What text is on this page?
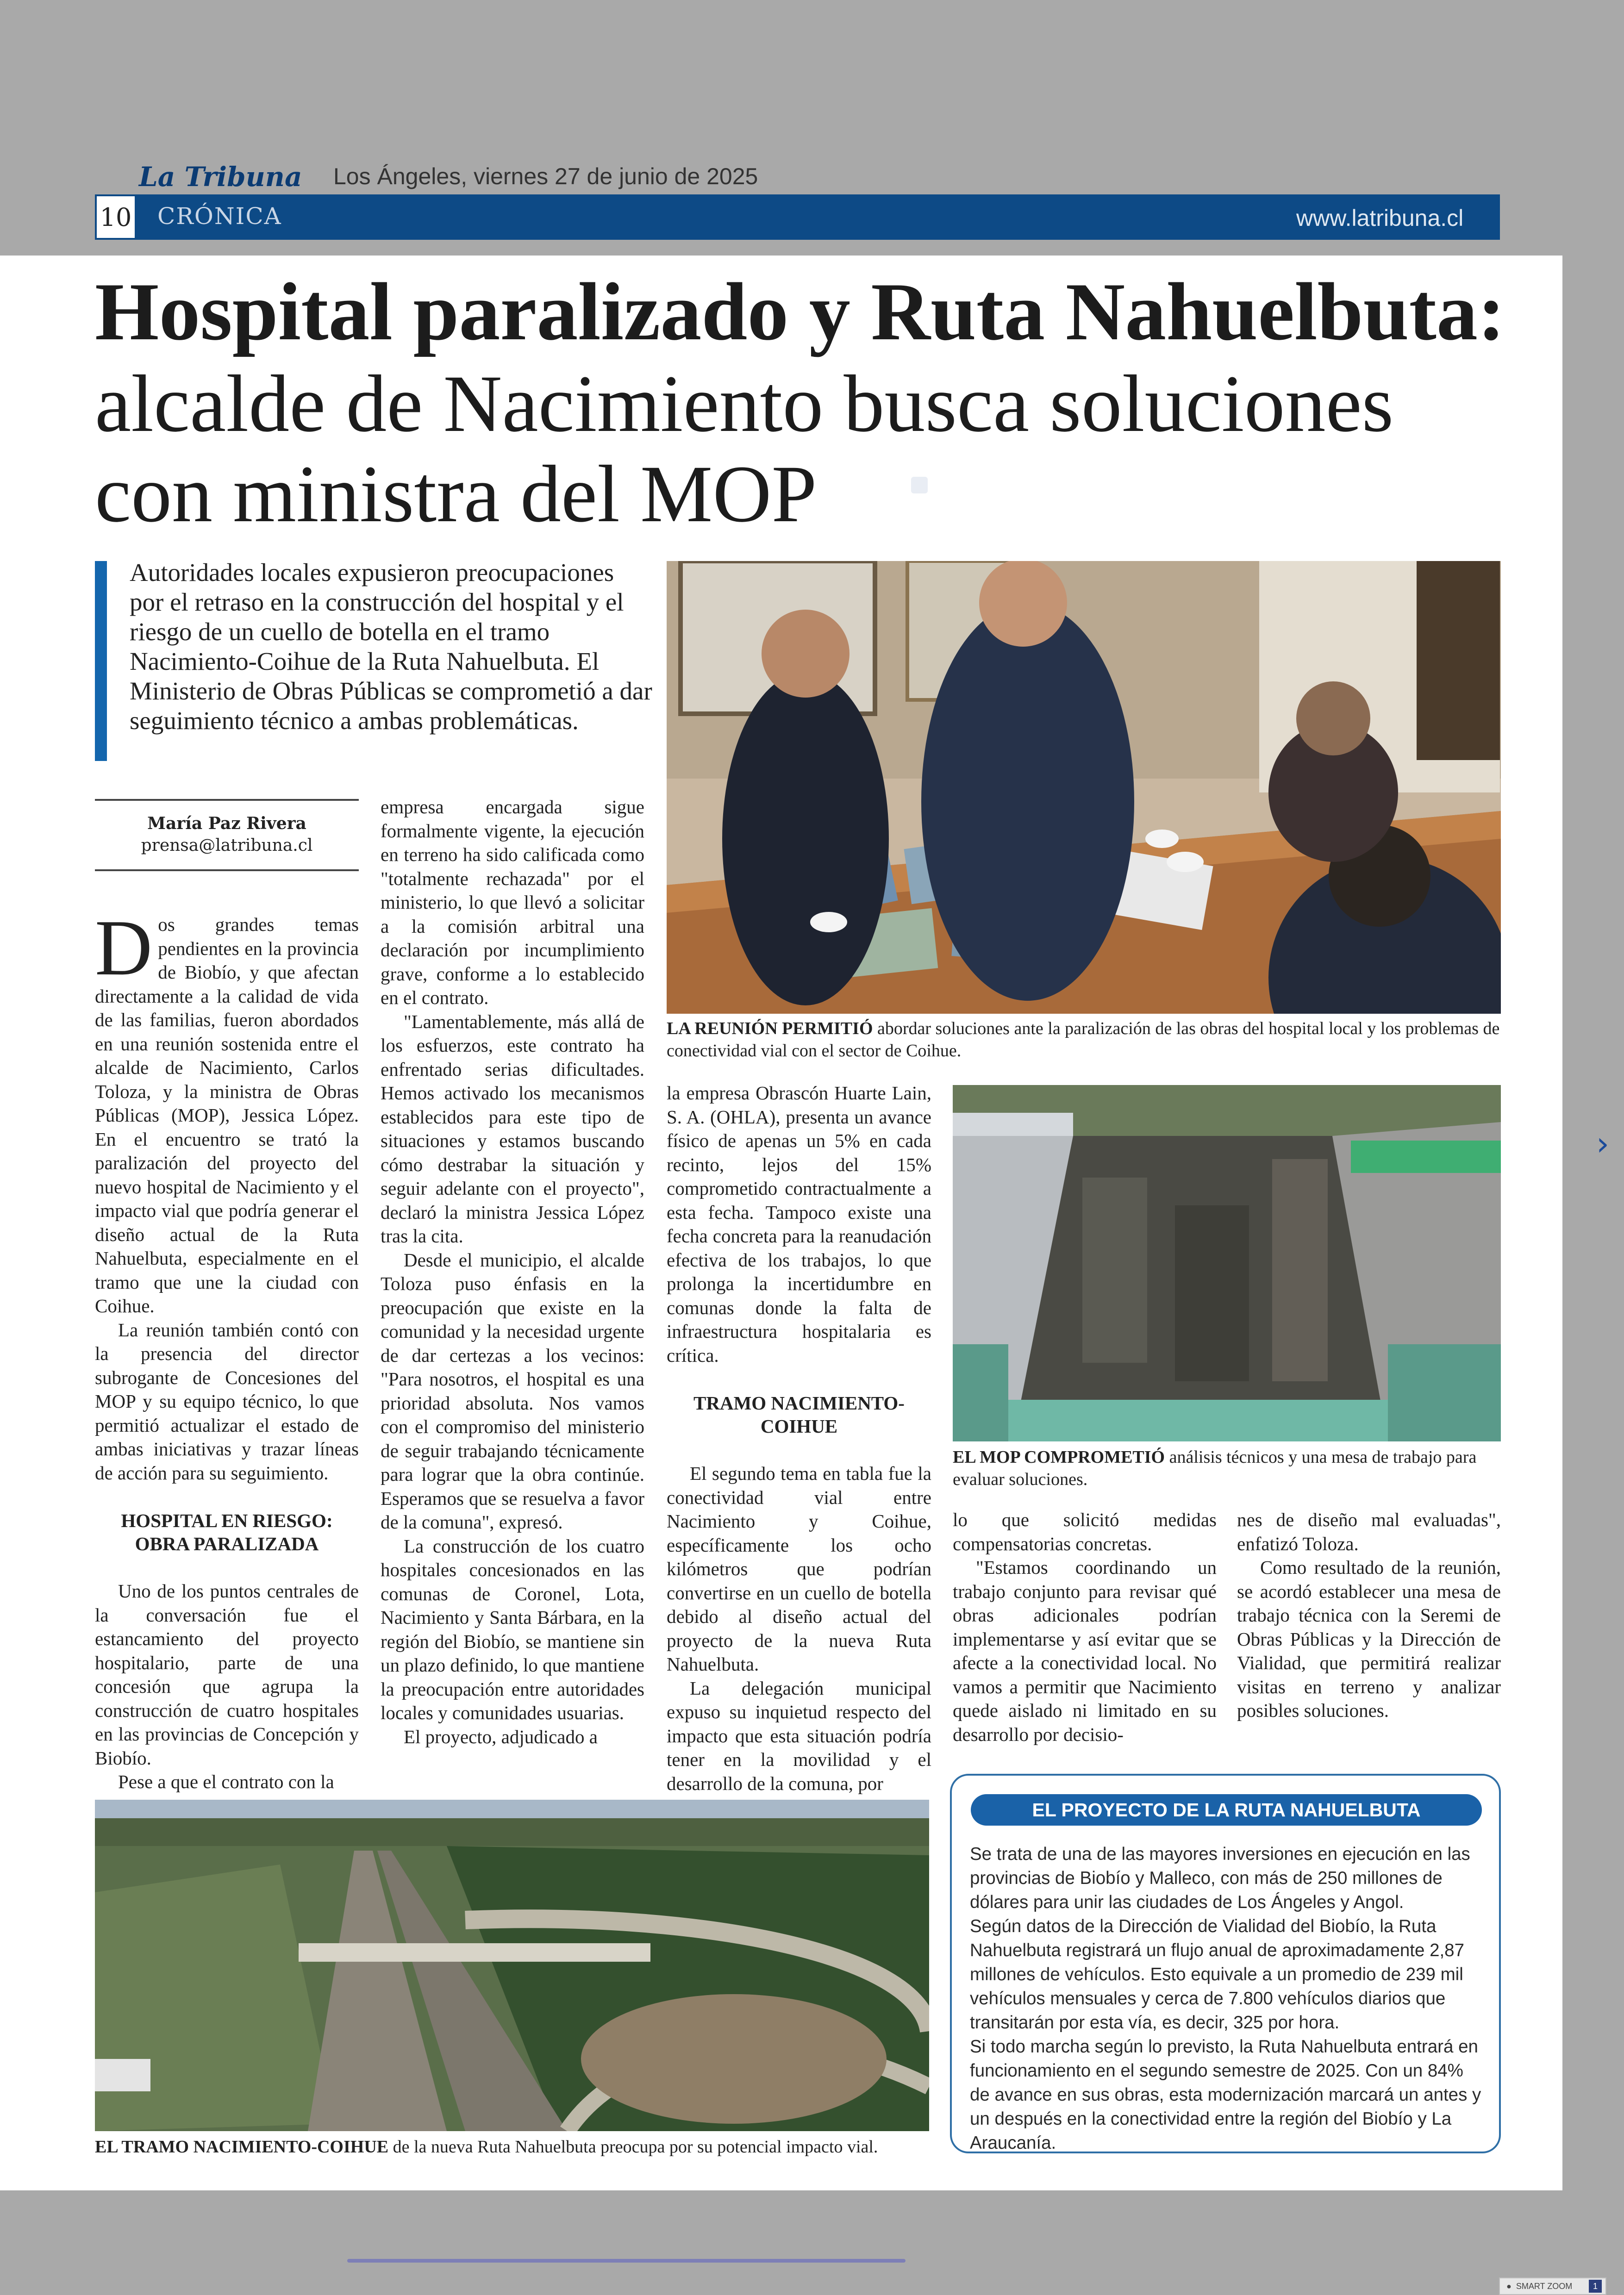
›
La Tribuna Los Ángeles, viernes 27 de junio de 2025
10 CRÓNICA	www.latribuna.cl
Hospital paralizado y Ruta Nahuelbuta:
alcalde de Nacimiento busca soluciones
con ministra del MOP
Autoridades locales expusieron preocupaciones por el retraso en la construcción del hospital y el riesgo de un cuello de botella en el tramo Nacimiento-Coihue de la Ruta Nahuelbuta. El Ministerio de Obras Públicas se comprometió a dar seguimiento técnico a ambas problemáticas.
María Paz Rivera
prensa@latribuna.cl

Dos grandes temas pendientes en la provincia de Biobío, y que afectan directamente a la calidad de vida de las familias, fueron abordados en una reunión sostenida entre el alcalde de Nacimiento, Carlos Toloza, y la ministra de Obras Públicas (MOP), Jessica López. En el encuentro se trató la paralización del proyecto del nuevo hospital de Nacimiento y el impacto vial que podría generar el diseño actual de la Ruta Nahuelbuta, especialmente en el tramo que une la ciudad con Coihue.

La reunión también contó con la presencia del director subrogante de Concesiones del MOP y su equipo técnico, lo que permitió actualizar el estado de ambas iniciativas y trazar líneas de acción para su seguimiento.

HOSPITAL EN RIESGO: OBRA PARALIZADA

Uno de los puntos centrales de la conversación fue el estancamiento del proyecto hospitalario, parte de una concesión que agrupa la construcción de cuatro hospitales en las provincias de Concepción y Biobío.

Pese a que el contrato con la

empresa encargada sigue formalmente vigente, la ejecución en terreno ha sido calificada como "totalmente rechazada" por el ministerio, lo que llevó a solicitar a la comisión arbitral una declaración por incumplimiento grave, conforme a lo establecido en el contrato.

"Lamentablemente, más allá de los esfuerzos, este contrato ha enfrentado serias dificultades. Hemos activado los mecanismos establecidos para este tipo de situaciones y estamos buscando cómo destrabar la situación y seguir adelante con el proyecto", declaró la ministra Jessica López tras la cita.

Desde el municipio, el alcalde Toloza puso énfasis en la preocupación que existe en la comunidad y la necesidad urgente de dar certezas a los vecinos: "Para nosotros, el hospital es una prioridad absoluta. Nos vamos con el compromiso del ministerio de seguir trabajando técnicamente para lograr que la obra continúe. Esperamos que se resuelva a favor de la comuna", expresó.

La construcción de los cuatro hospitales concesionados en las comunas de Coronel, Lota, Nacimiento y Santa Bárbara, en la región del Biobío, se mantiene sin un plazo definido, lo que mantiene la preocupación entre autoridades locales y comunidades usuarias.

El proyecto, adjudicado a

LA REUNIÓN PERMITIÓ abordar soluciones ante la paralización de las obras del hospital local y los problemas de conectividad vial con el sector de Coihue.

la empresa Obrascón Huarte Lain, S. A. (OHLA), presenta un avance físico de apenas un 5% en cada recinto, lejos del 15% comprometido contractualmente a esta fecha. Tampoco existe una fecha concreta para la reanudación efectiva de los trabajos, lo que prolonga la incertidumbre en comunas donde la falta de infraestructura hospitalaria es crítica.

TRAMO NACIMIENTO-COIHUE

El segundo tema en tabla fue la conectividad vial entre Nacimiento y Coihue, específicamente los ocho kilómetros que podrían convertirse en un cuello de botella debido al diseño actual del proyecto de la nueva Ruta Nahuelbuta.

La delegación municipal expuso su inquietud respecto del impacto que esta situación podría tener en la movilidad y el desarrollo de la comuna, por

EL MOP COMPROMETIÓ análisis técnicos y una mesa de trabajo para evaluar soluciones.

lo que solicitó medidas compensatorias concretas.

"Estamos coordinando un trabajo conjunto para revisar qué obras adicionales podrían implementarse y así evitar que se afecte a la conectividad local. No vamos a permitir que Nacimiento quede aislado ni limitado en su desarrollo por decisio-

nes de diseño mal evaluadas", enfatizó Toloza.

Como resultado de la reunión, se acordó establecer una mesa de trabajo técnica con la Seremi de Obras Públicas y la Dirección de Vialidad, que permitirá realizar visitas en terreno y analizar posibles soluciones.

EL TRAMO NACIMIENTO-COIHUE de la nueva Ruta Nahuelbuta preocupa por su potencial impacto vial.
EL PROYECTO DE LA RUTA NAHUELBUTA

Se trata de una de las mayores inversiones en ejecución en las provincias de Biobío y Malleco, con más de 250 millones de dólares para unir las ciudades de Los Ángeles y Angol.

Según datos de la Dirección de Vialidad del Biobío, la Ruta Nahuelbuta registrará un flujo anual de aproximadamente 2,87 millones de vehículos. Esto equivale a un promedio de 239 mil vehículos mensuales y cerca de 7.800 vehículos diarios que transitarán por esta vía, es decir, 325 por hora.

Si todo marcha según lo previsto, la Ruta Nahuelbuta entrará en funcionamiento en el segundo semestre de 2025. Con un 84% de avance en sus obras, esta modernización marcará un antes y un después en la conectividad entre la región del Biobío y La Araucanía.

● SMART ZOOM	1
